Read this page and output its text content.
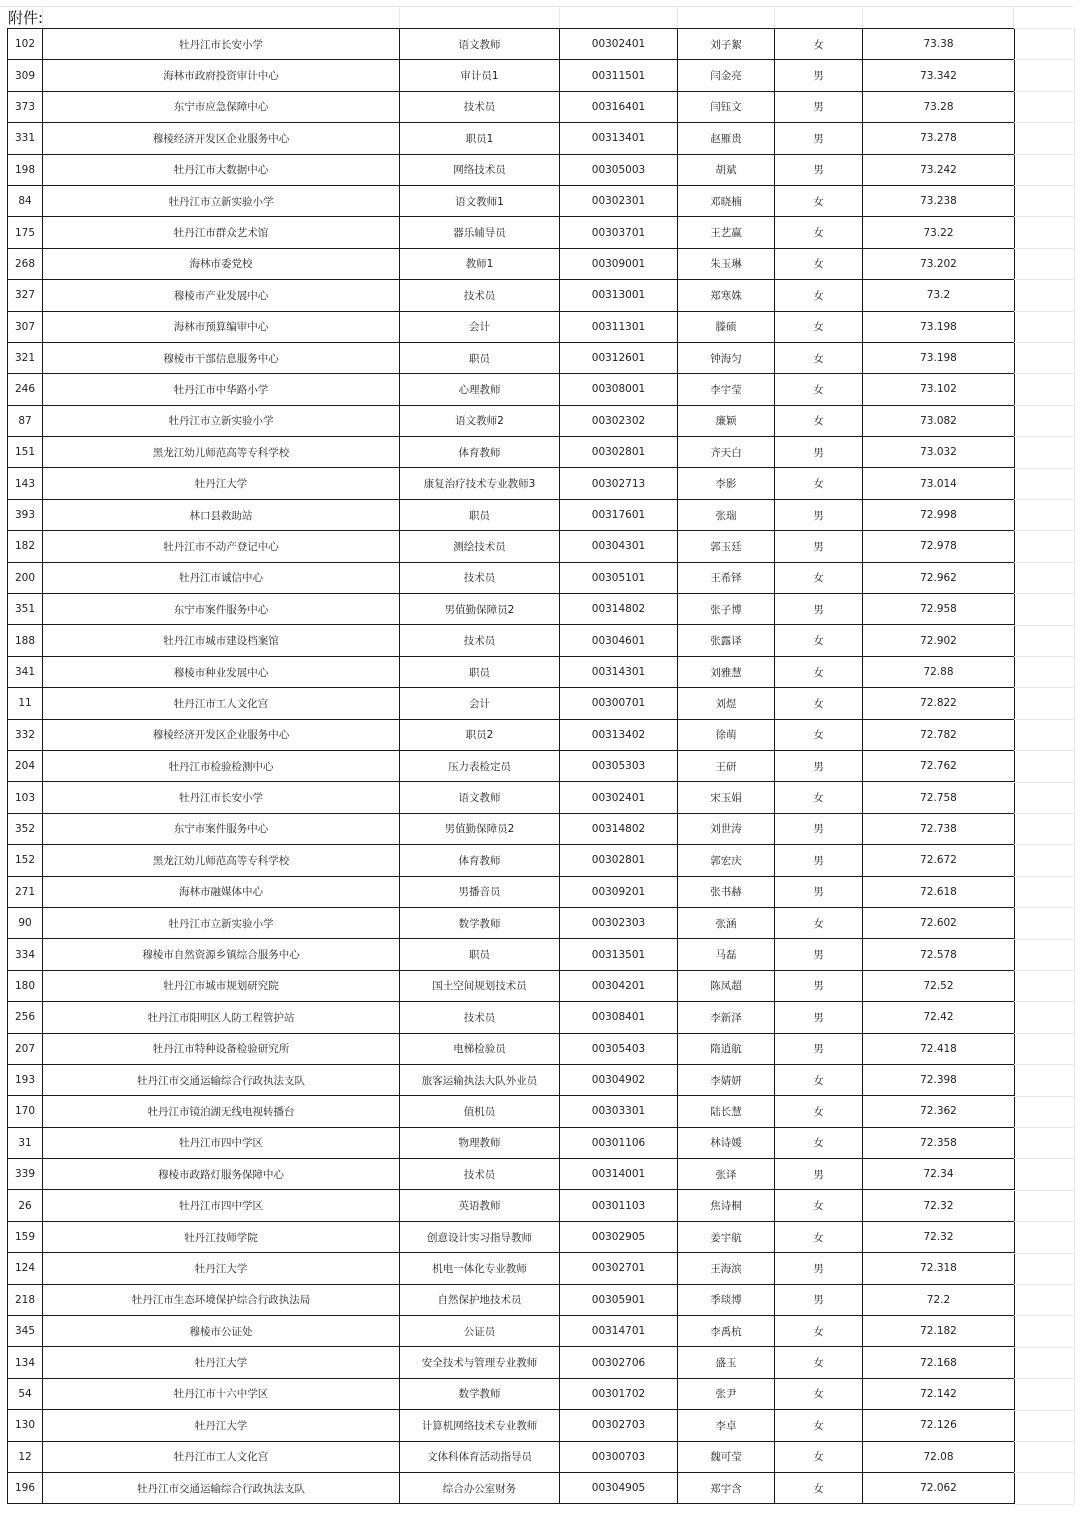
附件:
102	牡丹江市长安小学	语文教师	00302401	刘子絮	女	73.38
309	海林市政府投资审计中心	审计员1	00311501	闫金亮	男	73.342
373	东宁市应急保障中心	技术员	00316401	闫钰文	男	73.28
331	穆棱经济开发区企业服务中心	职员1	00313401	赵雁贵	男	73.278
198	牡丹江市大数据中心	网络技术员	00305003	胡斌	男	73.242
84	牡丹江市立新实验小学	语文教师1	00302301	邓晓楠	女	73.238
175	牡丹江市群众艺术馆	器乐辅导员	00303701	王艺赢	女	73.22
268	海林市委党校	教师1	00309001	朱玉琳	女	73.202
327	穆棱市产业发展中心	技术员	00313001	郑寒姝	女	73.2
307	海林市预算编审中心	会计	00311301	滕硕	女	73.198
321	穆棱市干部信息服务中心	职员	00312601	钟海匀	女	73.198
246	牡丹江市中华路小学	心理教师	00308001	李宇莹	女	73.102
87	牡丹江市立新实验小学	语文教师2	00302302	廉颖	女	73.082
151	黑龙江幼儿师范高等专科学校	体育教师	00302801	齐天白	男	73.032
143	牡丹江大学	康复治疗技术专业教师3	00302713	李影	女	73.014
393	林口县救助站	职员	00317601	张瑞	男	72.998
182	牡丹江市不动产登记中心	测绘技术员	00304301	郭玉廷	男	72.978
200	牡丹江市诚信中心	技术员	00305101	王希铎	女	72.962
351	东宁市案件服务中心	男值勤保障员2	00314802	张子博	男	72.958
188	牡丹江市城市建设档案馆	技术员	00304601	张露译	女	72.902
341	穆棱市种业发展中心	职员	00314301	刘雅慧	女	72.88
11	牡丹江市工人文化宫	会计	00300701	刘煜	女	72.822
332	穆棱经济开发区企业服务中心	职员2	00313402	徐萌	女	72.782
204	牡丹江市检验检测中心	压力表检定员	00305303	王研	男	72.762
103	牡丹江市长安小学	语文教师	00302401	宋玉娟	女	72.758
352	东宁市案件服务中心	男值勤保障员2	00314802	刘世涛	男	72.738
152	黑龙江幼儿师范高等专科学校	体育教师	00302801	郭宏庆	男	72.672
271	海林市融媒体中心	男播音员	00309201	张书赫	男	72.618
90	牡丹江市立新实验小学	数学教师	00302303	张涵	女	72.602
334	穆棱市自然资源乡镇综合服务中心	职员	00313501	马磊	男	72.578
180	牡丹江市城市规划研究院	国土空间规划技术员	00304201	陈凤超	男	72.52
256	牡丹江市阳明区人防工程管护站	技术员	00308401	李新泽	男	72.42
207	牡丹江市特种设备检验研究所	电梯检验员	00305403	隋逍航	男	72.418
193	牡丹江市交通运输综合行政执法支队	旅客运输执法大队外业员	00304902	李婧妍	女	72.398
170	牡丹江市镜泊湖无线电视转播台	值机员	00303301	陆长慧	女	72.362
31	牡丹江市四中学区	物理教师	00301106	林诗媛	女	72.358
339	穆棱市政路灯服务保障中心	技术员	00314001	张译	男	72.34
26	牡丹江市四中学区	英语教师	00301103	焦诗桐	女	72.32
159	牡丹江技师学院	创意设计实习指导教师	00302905	姜宇航	女	72.32
124	牡丹江大学	机电一体化专业教师	00302701	王海滨	男	72.318
218	牡丹江市生态环境保护综合行政执法局	自然保护地技术员	00305901	季琰博	男	72.2
345	穆棱市公证处	公证员	00314701	李禹杭	女	72.182
134	牡丹江大学	安全技术与管理专业教师	00302706	盛玉	女	72.168
54	牡丹江市十六中学区	数学教师	00301702	张尹	女	72.142
130	牡丹江大学	计算机网络技术专业教师	00302703	李卓	女	72.126
12	牡丹江市工人文化宫	文体科体育活动指导员	00300703	魏可莹	女	72.08
196	牡丹江市交通运输综合行政执法支队	综合办公室财务	00304905	郑宇含	女	72.062
